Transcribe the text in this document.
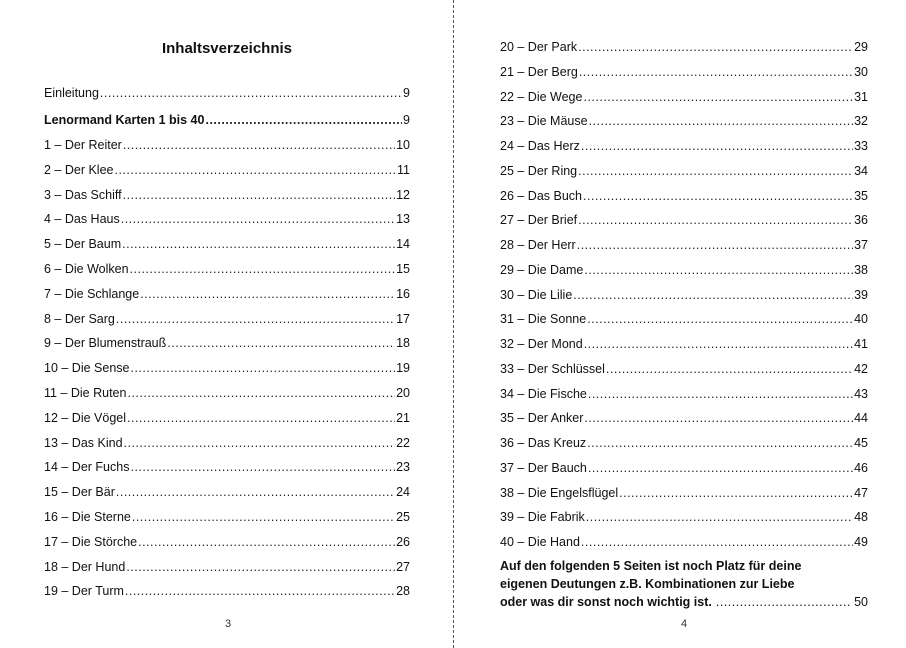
Inhaltsverzeichnis
Einleitung .....	9
Lenormand Karten 1 bis 40 .....	9
1 – Der Reiter .....	10
2 – Der Klee .....	11
3 – Das Schiff .....	12
4 – Das Haus .....	13
5 – Der Baum .....	14
6 – Die Wolken .....	15
7 – Die Schlange .....	16
8 – Der Sarg .....	17
9 – Der Blumenstrauß .....	18
10 – Die Sense .....	19
11 – Die Ruten .....	20
12 – Die Vögel .....	21
13 – Das Kind .....	22
14 – Der Fuchs .....	23
15 – Der Bär .....	24
16 – Die Sterne .....	25
17 – Die Störche .....	26
18 – Der Hund .....	27
19 – Der Turm .....	28
3
Auf den folgenden 5 Seiten ist noch Platz für deine
eigenen Deutungen z.B. Kombinationen zur Liebe
oder was dir sonst noch wichtig ist. .....	50
20 – Der Park .....	29
21 – Der Berg .....	30
22 – Die Wege .....	31
23 – Die Mäuse .....	32
24 – Das Herz .....	33
25 – Der Ring .....	34
26 – Das Buch .....	35
27 – Der Brief .....	36
28 – Der Herr .....	37
29 – Die Dame .....	38
30 – Die Lilie .....	39
31 – Die Sonne .....	40
32 – Der Mond .....	41
33 – Der Schlüssel .....	42
34 – Die Fische .....	43
35 – Der Anker .....	44
36 – Das Kreuz .....	45
37 – Der Bauch .....	46
38 – Die Engelsflügel .....	47
39 – Die Fabrik .....	48
40 – Die Hand .....	49
4
